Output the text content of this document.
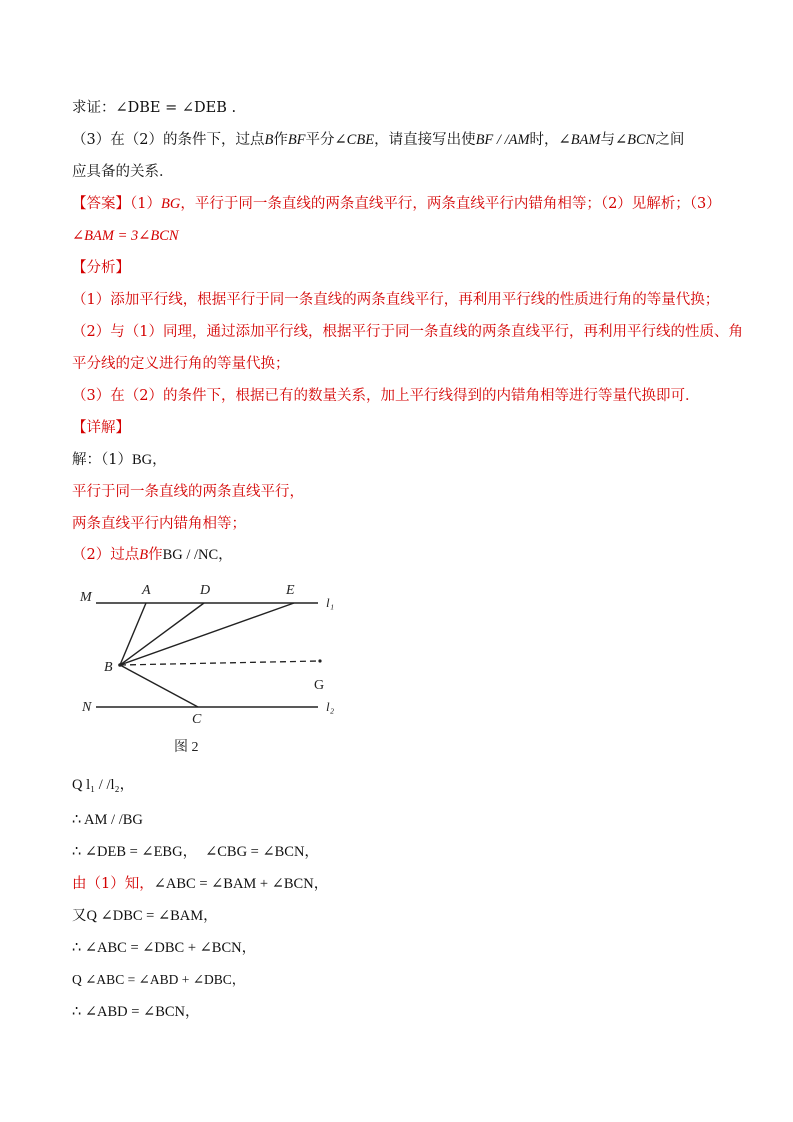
求证：∠DBE = ∠DEB .
（3）在（2）的条件下，过点B作BF平分∠CBE，请直接写出使BF / /AM时，∠BAM与∠BCN之间
应具备的关系．
【答案】（1）BG，平行于同一条直线的两条直线平行，两条直线平行内错角相等；（2）见解析；（3）
∠BAM = 3∠BCN
【分析】
（1）添加平行线，根据平行于同一条直线的两条直线平行，再利用平行线的性质进行角的等量代换；
（2）与（1）同理，通过添加平行线，根据平行于同一条直线的两条直线平行，再利用平行线的性质、角
平分线的定义进行角的等量代换；
（3）在（2）的条件下，根据已有的数量关系，加上平行线得到的内错角相等进行等量代换即可．
【详解】
解：（1）BG，
平行于同一条直线的两条直线平行，
两条直线平行内错角相等；
（2）过点B作BG / /NC，
M	A	D	E
l₁
B
G
N
C
l₂
图 2
Q l₁ / /l₂，
∴ AM / /BG
∴ ∠DEB = ∠EBG， ∠CBG = ∠BCN，
由（1）知，∠ABC = ∠BAM + ∠BCN，
又Q ∠DBC = ∠BAM，
∴ ∠ABC = ∠DBC + ∠BCN，
Q ∠ABC = ∠ABD + ∠DBC，
∴ ∠ABD = ∠BCN，
